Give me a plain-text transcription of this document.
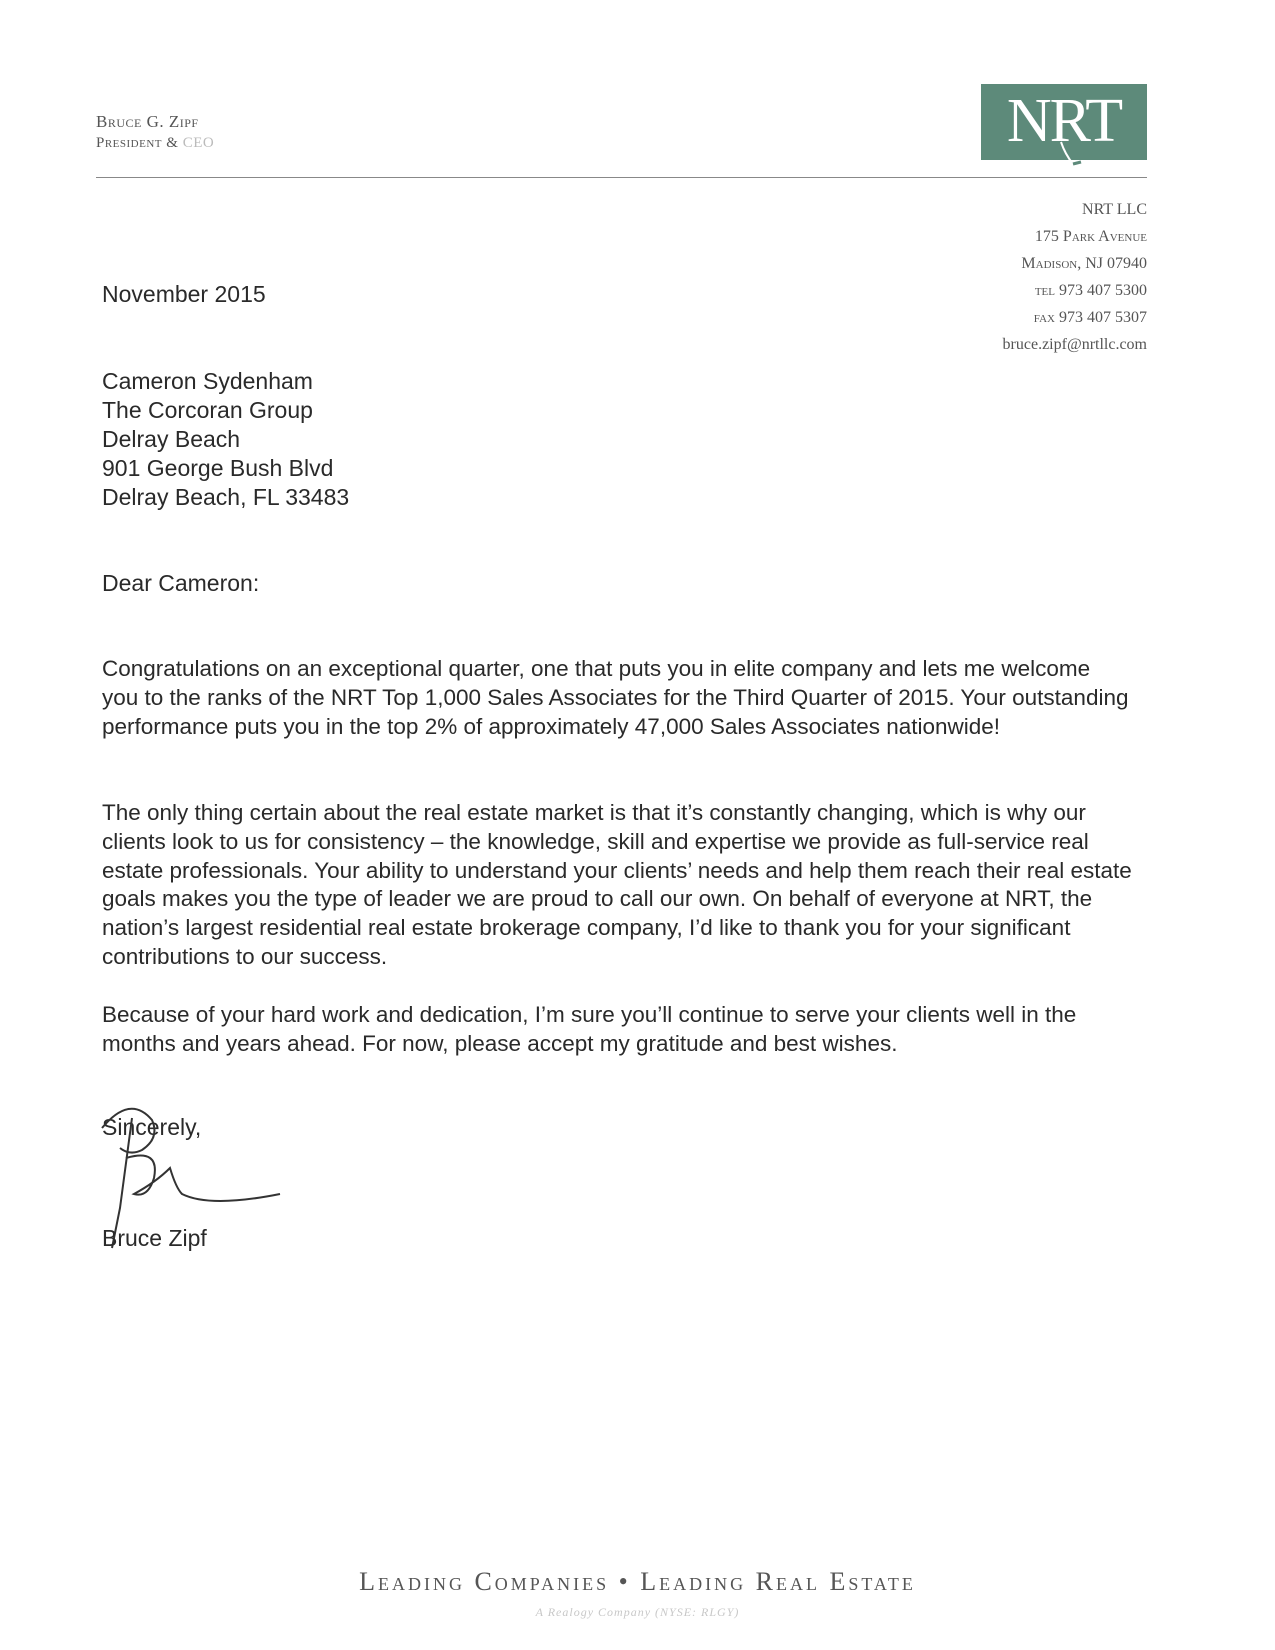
Bruce G. Zipf
President & CEO	NRT
NRT LLC
175 Park Avenue
Madison, NJ 07940
tel 973 407 5300
fax 973 407 5307
bruce.zipf@nrtllc.com
November 2015
Cameron Sydenham
The Corcoran Group
Delray Beach
901 George Bush Blvd
Delray Beach, FL 33483
Dear Cameron:

Congratulations on an exceptional quarter, one that puts you in elite company and lets me welcome you to the ranks of the NRT Top 1,000 Sales Associates for the Third Quarter of 2015. Your outstanding performance puts you in the top 2% of approximately 47,000 Sales Associates nationwide!

The only thing certain about the real estate market is that it’s constantly changing, which is why our clients look to us for consistency – the knowledge, skill and expertise we provide as full-service real estate professionals. Your ability to understand your clients’ needs and help them reach their real estate goals makes you the type of leader we are proud to call our own. On behalf of everyone at NRT, the nation’s largest residential real estate brokerage company, I’d like to thank you for your significant contributions to our success.

Because of your hard work and dedication, I’m sure you’ll continue to serve your clients well in the months and years ahead. For now, please accept my gratitude and best wishes.

Sincerely,
Bruce Zipf
Leading Companies • Leading Real Estate
A Realogy Company (NYSE: RLGY)
